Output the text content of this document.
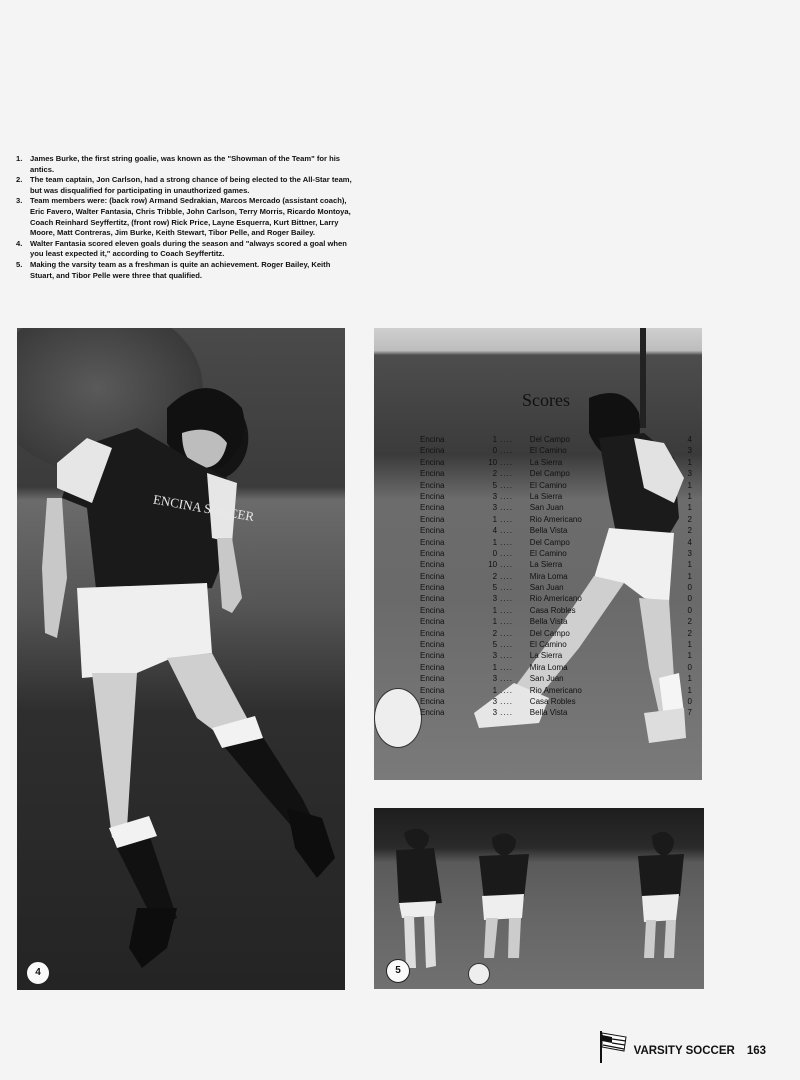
1. James Burke, the first string goalie, was known as the "Showman of the Team" for his antics.
2. The team captain, Jon Carlson, had a strong chance of being elected to the All-Star team, but was disqualified for participating in unauthorized games.
3. Team members were: (back row) Armand Sedrakian, Marcos Mercado (assistant coach), Eric Favero, Walter Fantasia, Chris Tribble, John Carlson, Terry Morris, Ricardo Montoya, Coach Reinhard Seyffertitz, (front row) Rick Price, Layne Esquerra, Kurt Bittner, Larry Moore, Matt Contreras, Jim Burke, Keith Stewart, Tibor Pelle, and Roger Bailey.
4. Walter Fantasia scored eleven goals during the season and "always scored a goal when you least expected it," according to Coach Seyffertitz.
5. Making the varsity team as a freshman is quite an achievement. Roger Bailey, Keith Stuart, and Tibor Pelle were three that qualified.
ENCINA SOCCER
4
Scores
Encina	1 ....	Del Campo	4
Encina	0 ....	El Camino	3
Encina	10 ....	La Sierra	1
Encina	2 ....	Del Campo	3
Encina	5 ....	El Camino	1
Encina	3 ....	La Sierra	1
Encina	3 ....	San Juan	1
Encina	1 ....	Rio Americano	2
Encina	4 ....	Bella Vista	2
Encina	1 ....	Del Campo	4
Encina	0 ....	El Camino	3
Encina	10 ....	La Sierra	1
Encina	2 ....	Mira Loma	1
Encina	5 ....	San Juan	0
Encina	3 ....	Rio Americano	0
Encina	1 ....	Casa Robles	0
Encina	1 ....	Bella Vista	2
Encina	2 ....	Del Campo	2
Encina	5 ....	El Camino	1
Encina	3 ....	La Sierra	1
Encina	1 ....	Mira Loma	0
Encina	3 ....	San Juan	1
Encina	1 ....	Rio Americano	1
Encina	3 ....	Casa Robles	0
Encina	3 ....	Bella Vista	7
5
VARSITY SOCCER 163
